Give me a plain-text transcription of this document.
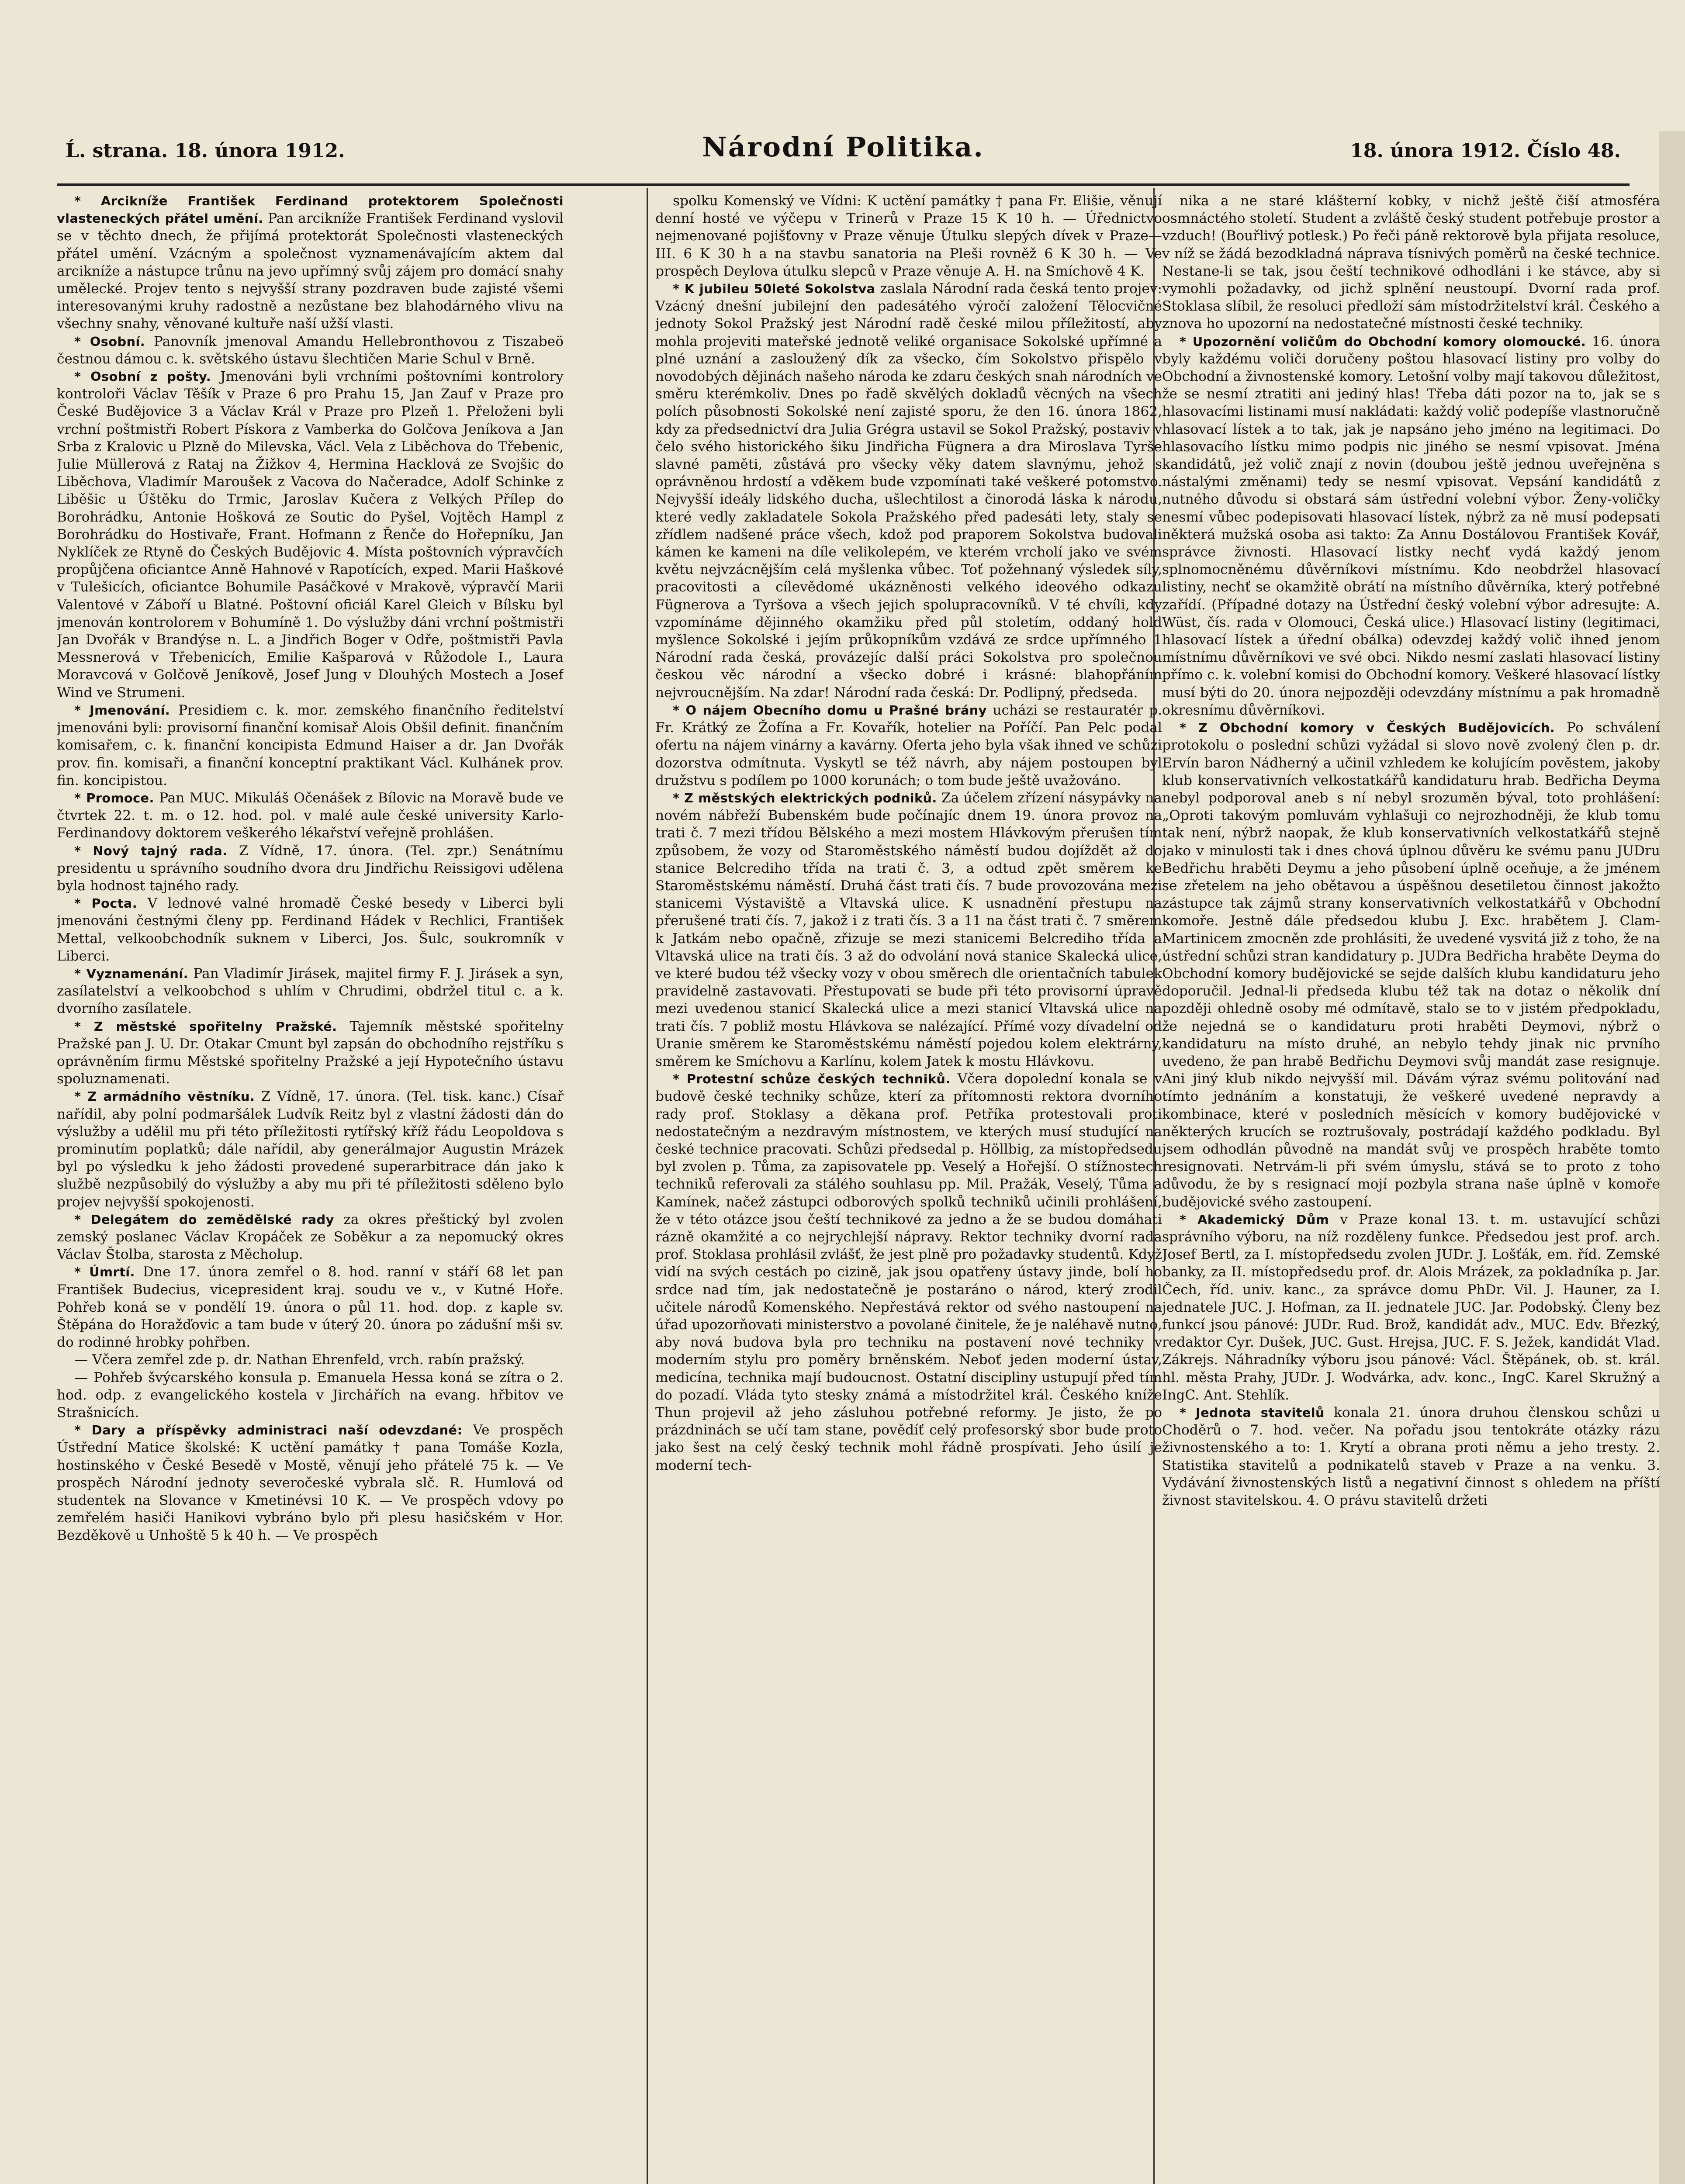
Ĺ. strana. 18. února 1912.	Národní Politika.	18. února 1912. Číslo 48.

* Arcikníže František Ferdinand protektorem Společnosti vlasteneckých přátel umění. Pan arcikníže František Ferdinand vyslovil se v těchto dnech, že přijímá protektorát Společnosti vlasteneckých přátel umění. Vzácným a společnost vyznamenávajícím aktem dal arcikníže a nástupce trůnu na jevo upřímný svůj zájem pro domácí snahy umělecké. Projev tento s nejvyšší strany pozdraven bude zajisté všemi interesovanými kruhy radostně a nezůstane bez blahodárného vlivu na všechny snahy, věnované kultuře naší užší vlasti.

* Osobní. Panovník jmenoval Amandu Hellebronthovou z Tiszabeö čestnou dámou c. k. světského ústavu šlechtičen Marie Schul v Brně.

* Osobní z pošty. Jmenováni byli vrchními poštovními kontrolory kontroloři Václav Těšík v Praze 6 pro Prahu 15, Jan Zauf v Praze pro České Budějovice 3 a Václav Král v Praze pro Plzeň 1. Přeloženi byli vrchní poštmistři Robert Pískora z Vamberka do Golčova Jeníkova a Jan Srba z Kralovic u Plzně do Milevska, Václ. Vela z Liběchova do Třebenic, Julie Müllerová z Rataj na Žižkov 4, Hermina Hacklová ze Svojšic do Liběchova, Vladimír Maroušek z Vacova do Načeradce, Adolf Schinke z Liběšic u Úštěku do Trmic, Jaroslav Kučera z Velkých Přílep do Borohrádku, Antonie Hošková ze Soutic do Pyšel, Vojtěch Hampl z Borohrádku do Hostivaře, Frant. Hofmann z Řenče do Hořepníku, Jan Nyklíček ze Rtyně do Českých Budějovic 4. Místa poštovních výpravčích propůjčena oficiantce Anně Hahnové v Rapotících, exped. Marii Haškové v Tulešicích, oficiantce Bohumile Pasáčkové v Mrakově, výpravčí Marii Valentové v Záboří u Blatné. Poštovní oficiál Karel Gleich v Bílsku byl jmenován kontrolorem v Bohumíně 1. Do výslužby dáni vrchní poštmistři Jan Dvořák v Brandýse n. L. a Jindřich Boger v Odře, poštmistři Pavla Messnerová v Třebenicích, Emilie Kašparová v Růžodole I., Laura Moravcová v Golčově Jeníkově, Josef Jung v Dlouhých Mostech a Josef Wind ve Strumeni.

* Jmenování. Presidiem c. k. mor. zemského finančního ředitelství jmenováni byli: provisorní finanční komisař Alois Obšil definit. finančním komisařem, c. k. finanční koncipista Edmund Haiser a dr. Jan Dvořák prov. fin. komisaři, a finanční konceptní praktikant Václ. Kulhánek prov. fin. koncipistou.

* Promoce. Pan MUC. Mikuláš Očenášek z Bílovic na Moravě bude ve čtvrtek 22. t. m. o 12. hod. pol. v malé aule české university Karlo-Ferdinandovy doktorem veškerého lékařství veřejně prohlášen.

* Nový tajný rada. Z Vídně, 17. února. (Tel. zpr.) Senátnímu presidentu u správního soudního dvora dru Jindřichu Reissigovi udělena byla hodnost tajného rady.

* Pocta. V lednové valné hromadě České besedy v Liberci byli jmenováni čestnými členy pp. Ferdinand Hádek v Rechlici, František Mettal, velkoobchodník suknem v Liberci, Jos. Šulc, soukromník v Liberci.

* Vyznamenání. Pan Vladimír Jirásek, majitel firmy F. J. Jirásek a syn, zasílatelství a velkoobchod s uhlím v Chrudimi, obdržel titul c. a k. dvorního zasílatele.

* Z městské spořitelny Pražské. Tajemník městské spořitelny Pražské pan J. U. Dr. Otakar Cmunt byl zapsán do obchodního rejstříku s oprávněním firmu Městské spořitelny Pražské a její Hypotečního ústavu spoluznamenati.

* Z armádního věstníku. Z Vídně, 17. února. (Tel. tisk. kanc.) Císař nařídil, aby polní podmaršálek Ludvík Reitz byl z vlastní žádosti dán do výslužby a udělil mu při této příležitosti rytířský kříž řádu Leopoldova s prominutím poplatků; dále nařídil, aby generálmajor Augustin Mrázek byl po výsledku k jeho žádosti provedené superarbitrace dán jako k službě nezpůsobilý do výslužby a aby mu při té příležitosti sděleno bylo projev nejvyšší spokojenosti.

* Delegátem do zemědělské rady za okres přeštický byl zvolen zemský poslanec Václav Kropáček ze Soběkur a za nepomucký okres Václav Štolba, starosta z Měcholup.

* Úmrtí. Dne 17. února zemřel o 8. hod. ranní v stáří 68 let pan František Budecius, vicepresident kraj. soudu ve v., v Kutné Hoře. Pohřeb koná se v pondělí 19. února o půl 11. hod. dop. z kaple sv. Štěpána do Horažďovic a tam bude v úterý 20. února po zádušní mši sv. do rodinné hrobky pohřben.

— Včera zemřel zde p. dr. Nathan Ehrenfeld, vrch. rabín pražský.

— Pohřeb švýcarského konsula p. Emanuela Hessa koná se zítra o 2. hod. odp. z evangelického kostela v Jirchářích na evang. hřbitov ve Strašnicích.

* Dary a příspěvky administraci naší odevzdané: Ve prospěch Ústřední Matice školské: K uctění památky † pana Tomáše Kozla, hostinského v České Besedě v Mostě, věnují jeho přátelé 75 k. — Ve prospěch Národní jednoty severočeské vybrala slč. R. Humlová od studentek na Slovance v Kmetinévsi 10 K. — Ve prospěch vdovy po zemřelém hasiči Hanikovi vybráno bylo při plesu hasičském v Hor. Bezděkově u Unhoště 5 k 40 h. — Ve prospěch

spolku Komenský ve Vídni: K uctění památky † pana Fr. Elišie, věnují denní hosté ve výčepu v Trinerů v Praze 15 K 10 h. — Úřednictvo nejmenované pojišťovny v Praze věnuje Útulku slepých dívek v Praze—III. 6 K 30 h a na stavbu sanatoria na Pleši rovněž 6 K 30 h. — Ve prospěch Deylova útulku slepců v Praze věnuje A. H. na Smíchově 4 K.

* K jubileu 50leté Sokolstva zaslala Národní rada česká tento projev: Vzácný dnešní jubilejní den padesátého výročí založení Tělocvičné jednoty Sokol Pražský jest Národní radě české milou příležitostí, aby mohla projeviti mateřské jednotě veliké organisace Sokolské upřímné a plné uznání a zasloužený dík za všecko, čím Sokolstvo přispělo v novodobých dějinách našeho národa ke zdaru českých snah národních ve směru kterémkoliv. Dnes po řadě skvělých dokladů věcných na všech polích působnosti Sokolské není zajisté sporu, že den 16. února 1862, kdy za předsednictví dra Julia Grégra ustavil se Sokol Pražský, postaviv v čelo svého historického šiku Jindřicha Fügnera a dra Miroslava Tyrše slavné paměti, zůstává pro všecky věky datem slavnýmu, jehož s oprávněnou hrdostí a vděkem bude vzpomínati také veškeré potomstvo. Nejvyšší ideály lidského ducha, ušlechtilost a činorodá láska k národu, které vedly zakladatele Sokola Pražského před padesáti lety, staly se zřídlem nadšené práce všech, kdož pod praporem Sokolstva budovali kámen ke kameni na díle velikolepém, ve kterém vrcholí jako ve svém květu nejvzácnějším celá myšlenka vůbec. Toť požehnaný výsledek síly, pracovitosti a cílevědomé ukázněnosti velkého ideového odkazu Fügnerova a Tyršova a všech jejich spolupracovníků. V té chvíli, kdy vzpomínáme dějinného okamžiku před půl stoletím, oddaný hold myšlence Sokolské i jejím průkopníkům vzdává ze srdce upřímného 1 Národní rada česká, provázejíc další práci Sokolstva pro společnou českou věc národní a všecko dobré i krásné: blahopřáním nejvroucnějším. Na zdar! Národní rada česká: Dr. Podlipný, předseda.

* O nájem Obecního domu u Prašné brány ucházi se restauratér p. Fr. Krátký ze Žofína a Fr. Kovařík, hotelier na Poříčí. Pan Pelc podal ofertu na nájem vinárny a kavárny. Oferta jeho byla však ihned ve schůzi dozorstva odmítnuta. Vyskytl se též návrh, aby nájem postoupen byl družstvu s podílem po 1000 korunách; o tom bude ještě uvažováno.

* Z městských elektrických podniků. Za účelem zřízení násypávky na novém nábřeží Bubenském bude počínajíc dnem 19. února provoz na trati č. 7 mezi třídou Bělského a mezi mostem Hlávkovým přerušen tím způsobem, že vozy od Staroměstského náměstí budou dojíždět až do stanice Belcrediho třída na trati č. 3, a odtud zpět směrem ke Staroměstskému náměstí. Druhá část trati čís. 7 bude provozována mezi stanicemi Výstaviště a Vltavská ulice. K usnadnění přestupu na přerušené trati čís. 7, jakož i z trati čís. 3 a 11 na část trati č. 7 směrem k Jatkám nebo opačně, zřizuje se mezi stanicemi Belcrediho třída a Vltavská ulice na trati čís. 3 až do odvolání nová stanice Skalecká ulice, ve které budou též všecky vozy v obou směrech dle orientačních tabulek pravidelně zastavovati. Přestupovati se bude při této provisorní úpravě mezi uvedenou stanicí Skalecká ulice a mezi stanicí Vltavská ulice na trati čís. 7 pobliž mostu Hlávkova se nalézající. Přímé vozy dívadelní od Uranie směrem ke Staroměstskému náměstí pojedou kolem elektrárny, směrem ke Smíchovu a Karlínu, kolem Jatek k mostu Hlávkovu.

* Protestní schůze českých techniků. Včera dopolední konala se v budově české techniky schůze, kterí za přítomnosti rektora dvorního rady prof. Stoklasy a děkana prof. Petříka protestovali proti nedostatečným a nezdravým místnostem, ve kterých musí studující na české technice pracovati. Schůzi předsedal p. Höllbig, za místopředsedu byl zvolen p. Tůma, za zapisovatele pp. Veselý a Hořejší. O stížnostech techniků referovali za stálého souhlasu pp. Mil. Pražák, Veselý, Tůma a Kamínek, načež zástupci odborových spolků techniků učinili prohlášení, že v této otázce jsou čeští technikové za jedno a že se budou domáhati rázně okamžité a co nejrychlejší nápravy. Rektor techniky dvorní rada prof. Stoklasa prohlásil zvlášť, že jest plně pro požadavky studentů. Když vidí na svých cestách po cizině, jak jsou opatřeny ústavy jinde, bolí ho srdce nad tím, jak nedostatečně je postaráno o národ, který zrodil učitele národů Komenského. Nepřestává rektor od svého nastoupení na úřad upozorňovati ministerstvo a povolané činitele, že je naléhavě nutno, aby nová budova byla pro techniku na postavení nové techniky v moderním stylu pro poměry brněnském. Neboť jeden moderní ústav, medicína, technika mají budoucnost. Ostatní discipliny ustupují před tím do pozadí. Vláda tyto stesky známá a místodržitel král. Českého kníže Thun projevil až jeho zásluhou potřebné reformy. Je jisto, že po prázdninách se učí tam stane, povědíť celý profesorský sbor bude proto jako šest na celý český technik mohl řádně prospívati. Jeho úsilí je moderní tech-

nika a ne staré klášterní kobky, v nichž ještě čiší atmosféra osmnáctého století. Student a zvláště český student potřebuje prostor a vzduch! (Bouřlivý potlesk.) Po řeči páně rektorově byla přijata resoluce, v níž se žádá bezodkladná náprava tísnivých poměrů na české technice. Nestane-li se tak, jsou čeští technikové odhodláni i ke stávce, aby si vymohli požadavky, od jichž splnění neustoupí. Dvorní rada prof. Stoklasa slíbil, že resoluci předloží sám místodržitelství král. Českého a znova ho upozorní na nedostatečné místnosti české techniky.

* Upozornění voličům do Obchodní komory olomoucké. 16. února byly každému voliči doručeny poštou hlasovací listiny pro volby do Obchodní a živnostenské komory. Letošní volby mají takovou důležitost, že se nesmí ztratiti ani jediný hlas! Třeba dáti pozor na to, jak se s hlasovacími listinami musí nakládati: každý volič podepíše vlastnoručně hlasovací lístek a to tak, jak je napsáno jeho jméno na legitimaci. Do hlasovacího lístku mimo podpis nic jiného se nesmí vpisovat. Jména kandidátů, jež volič znají z novin (doubou ještě jednou uveřejněna s nástalými změnami) tedy se nesmí vpisovat. Vepsání kandidátů z nutného důvodu si obstará sám ústřední volební výbor. Ženy-voličky nesmí vůbec podepisovati hlasovací lístek, nýbrž za ně musí podepsati některá mužská osoba asi takto: Za Annu Dostálovou František Kovář, správce živnosti. Hlasovací listky nechť vydá každý jenom splnomocněnému důvěrníkovi místnímu. Kdo neobdržel hlasovací listiny, nechť se okamžitě obrátí na místního důvěrníka, který potřebné zařídí. (Případné dotazy na Ústřední český volební výbor adresujte: A. Wüst, čís. rada v Olomouci, Česká ulice.) Hlasovací listiny (legitimaci, hlasovací lístek a úřední obálka) odevzdej každý volič ihned jenom místnímu důvěrníkovi ve své obci. Nikdo nesmí zaslati hlasovací listiny přímo c. k. volební komisi do Obchodní komory. Veškeré hlasovací lístky musí býti do 20. února nejpozději odevzdány místnímu a pak hromadně okresnímu důvěrníkovi.

* Z Obchodní komory v Českých Budějovicích. Po schválení protokolu o poslední schůzi vyžádal si slovo nově zvolený člen p. dr. Ervín baron Nádherný a učinil vzhledem ke kolujícím pověstem, jakoby klub konservativních velkostatkářů kandidaturu hrab. Bedřicha Deyma nebyl podporoval aneb s ní nebyl srozuměn býval, toto prohlášení: „Oproti takovým pomluvám vyhlašuji co nejrozhodněji, že klub tomu tak není, nýbrž naopak, že klub konservativních velkostatkářů stejně jako v minulosti tak i dnes chová úplnou důvěru ke svému panu JUDru Bedřichu hraběti Deymu a jeho působení úplně oceňuje, a že jménem se zřetelem na jeho obětavou a úspěšnou desetiletou činnost jakožto zástupce tak zájmů strany konservativních velkostatkářů v Obchodní komoře. Jestně dále předsedou klubu J. Exc. hrabětem J. Clam-Martinicem zmocněn zde prohlásiti, že uvedené vysvitá již z toho, že na ústřední schůzi stran kandidatury p. JUDra Bedřicha hraběte Deyma do Obchodní komory budějovické se sejde dalších klubu kandidaturu jeho doporučil. Jednal-li předseda klubu též tak na dotaz o několik dní později ohledně osoby mé odmítavě, stalo se to v jistém předpokladu, že nejedná se o kandidaturu proti hraběti Deymovi, nýbrž o kandidaturu na místo druhé, an nebylo tehdy jinak nic prvního uvedeno, že pan hrabě Bedřichu Deymovi svůj mandát zase resignuje. Ani jiný klub nikdo nejvyšší mil. Dávám výraz svému politování nad tímto jednáním a konstatuji, že veškeré uvedené nepravdy a kombinace, které v posledních měsících v komory budějovické v některých krucích se roztrušovaly, postrádají každého podkladu. Byl jsem odhodlán původně na mandát svůj ve prospěch hraběte tomto resignovati. Netrvám-li při svém úmyslu, stává se to proto z toho důvodu, že by s resignací mojí pozbyla strana naše úplně v komoře budějovické svého zastoupení.

* Akademický Dům v Praze konal 13. t. m. ustavující schůzi správního výboru, na níž rozděleny funkce. Předsedou jest prof. arch. Josef Bertl, za I. místopředsedu zvolen JUDr. J. Lošťák, em. říd. Zemské banky, za II. místopředsedu prof. dr. Alois Mrázek, za pokladníka p. Jar. Čech, říd. univ. kanc., za správce domu PhDr. Vil. J. Hauner, za I. jednatele JUC. J. Hofman, za II. jednatele JUC. Jar. Podobský. Členy bez funkcí jsou pánové: JUDr. Rud. Brož, kandidát adv., MUC. Edv. Březký, redaktor Cyr. Dušek, JUC. Gust. Hrejsa, JUC. F. S. Ježek, kandidát Vlad. Zákrejs. Náhradníky výboru jsou pánové: Václ. Štěpánek, ob. st. král. hl. města Prahy, JUDr. J. Wodvárka, adv. konc., IngC. Karel Skružný a IngC. Ant. Stehlík.

* Jednota stavitelů konala 21. února druhou členskou schůzi u Choděrů o 7. hod. večer. Na pořadu jsou tentokráte otázky rázu živnostenského a to: 1. Krytí a obrana proti němu a jeho tresty. 2. Statistika stavitelů a podnikatelů staveb v Praze a na venku. 3. Vydávání živnostenských listů a negativní činnost s ohledem na příští živnost stavitelskou. 4. O právu stavitelů držeti
